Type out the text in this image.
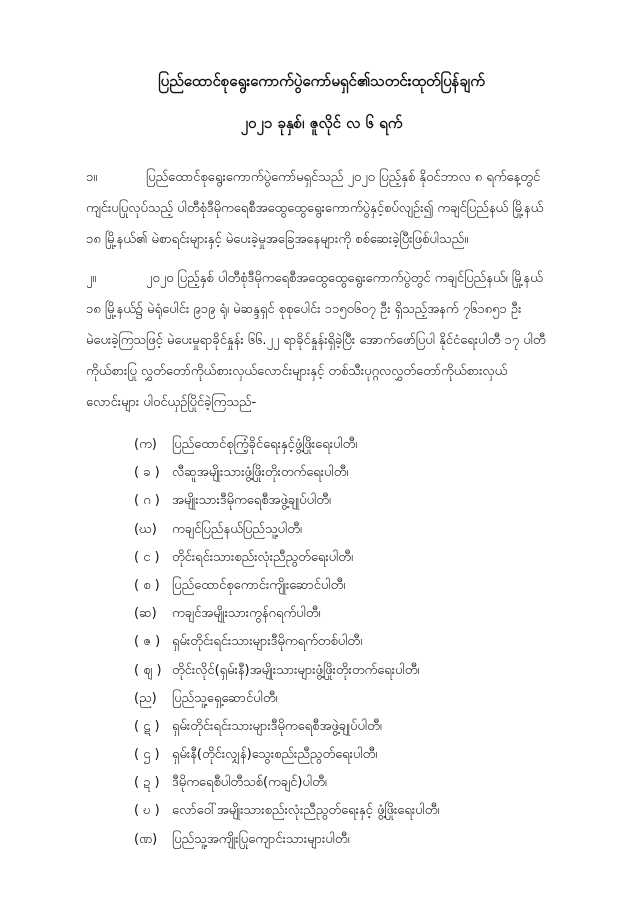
ပြည်ထောင်စုရွေးကောက်ပွဲကော်မရှင်၏သတင်းထုတ်ပြန်ချက်
၂၀၂၁ ခုနှစ်၊ ဇူလိုင် လ ၆ ရက်
၁။	ပြည်ထောင်စုရွေးကောက်ပွဲကော်မရှင်သည် ၂၀၂၀ ပြည့်နှစ် နိုဝင်ဘာလ ၈ ရက်နေ့တွင်
ကျင်းပပြုလုပ်သည့် ပါတီစုံဒီမိုကရေစီအထွေထွေရွေးကောက်ပွဲနှင့်စပ်လျဉ်း၍ ကချင်ပြည်နယ် မြို့နယ်
၁၈ မြို့နယ်၏ မဲစာရင်းများနှင့် မဲပေးခဲ့မှုအခြေအနေများကို စစ်ဆေးခဲ့ပြီးဖြစ်ပါသည်။
၂။	၂၀၂၀ ပြည့်နှစ် ပါတီစုံဒီမိုကရေစီအထွေထွေရွေးကောက်ပွဲတွင် ကချင်ပြည်နယ်၊ မြို့နယ်
၁၈ မြို့နယ်၌ မဲရုံပေါင်း ၉၁၉ ရုံ၊ မဲဆန္ဒရှင် စုစုပေါင်း ၁၁၅၀၆၀၇ ဦး ရှိသည့်အနက် ၇၆၁၈၅၁ ဦး
မဲပေးခဲ့ကြသဖြင့် မဲပေးမှုရာခိုင်နှုန်း ၆၆.၂၂ ရာခိုင်နှုန်းရှိခဲ့ပြီး အောက်ဖော်ပြပါ နိုင်ငံရေးပါတီ ၁၇ ပါတီ
ကိုယ်စားပြု လွှတ်တော်ကိုယ်စားလှယ်လောင်းများနှင့် တစ်သီးပုဂ္ဂလလွှတ်တော်ကိုယ်စားလှယ်
လောင်းများ ပါဝင်ယှဉ်ပြိုင်ခဲ့ကြသည်-
(က)	ပြည်ထောင်စုကြံ့ခိုင်ရေးနှင့်ဖွံ့ဖြိုးရေးပါတီ၊
( ခ ) လီဆူအမျိုးသားဖွံ့ဖြိုးတိုးတက်ရေးပါတီ၊
( ဂ ) အမျိုးသားဒီမိုကရေစီအဖွဲ့ချုပ်ပါတီ၊
(ဃ)	ကချင်ပြည်နယ်ပြည်သူ့ပါတီ၊
( င ) တိုင်းရင်းသားစည်းလုံးညီညွတ်ရေးပါတီ၊
( စ ) ပြည်ထောင်စုကောင်းကျိုးဆောင်ပါတီ၊
(ဆ)	ကချင်အမျိုးသားကွန်ဂရက်ပါတီ၊
( ဇ ) ရှမ်းတိုင်းရင်းသားများဒီမိုကရက်တစ်ပါတီ၊
( ဈ ) တိုင်းလိုင်(ရှမ်းနီ)အမျိုးသားများဖွံ့ဖြိုးတိုးတက်ရေးပါတီ၊
(ည)	ပြည်သူ့ရှေ့ဆောင်ပါတီ၊
( ဋ ) ရှမ်းတိုင်းရင်းသားများဒီမိုကရေစီအဖွဲ့ချုပ်ပါတီ၊
( ဌ ) ရှမ်းနီ(တိုင်းလျှန်)သွေးစည်းညီညွတ်ရေးပါတီ၊
( ဍ ) ဒီမိုကရေစီပါတီသစ်(ကချင်)ပါတီ၊
( ဎ ) လော်ဝေါ်အမျိုးသားစည်းလုံးညီညွတ်ရေးနှင့် ဖွံ့ဖြိုးရေးပါတီ၊
(ဏ)	ပြည်သူ့အကျိုးပြုကျောင်းသားများပါတီ၊
